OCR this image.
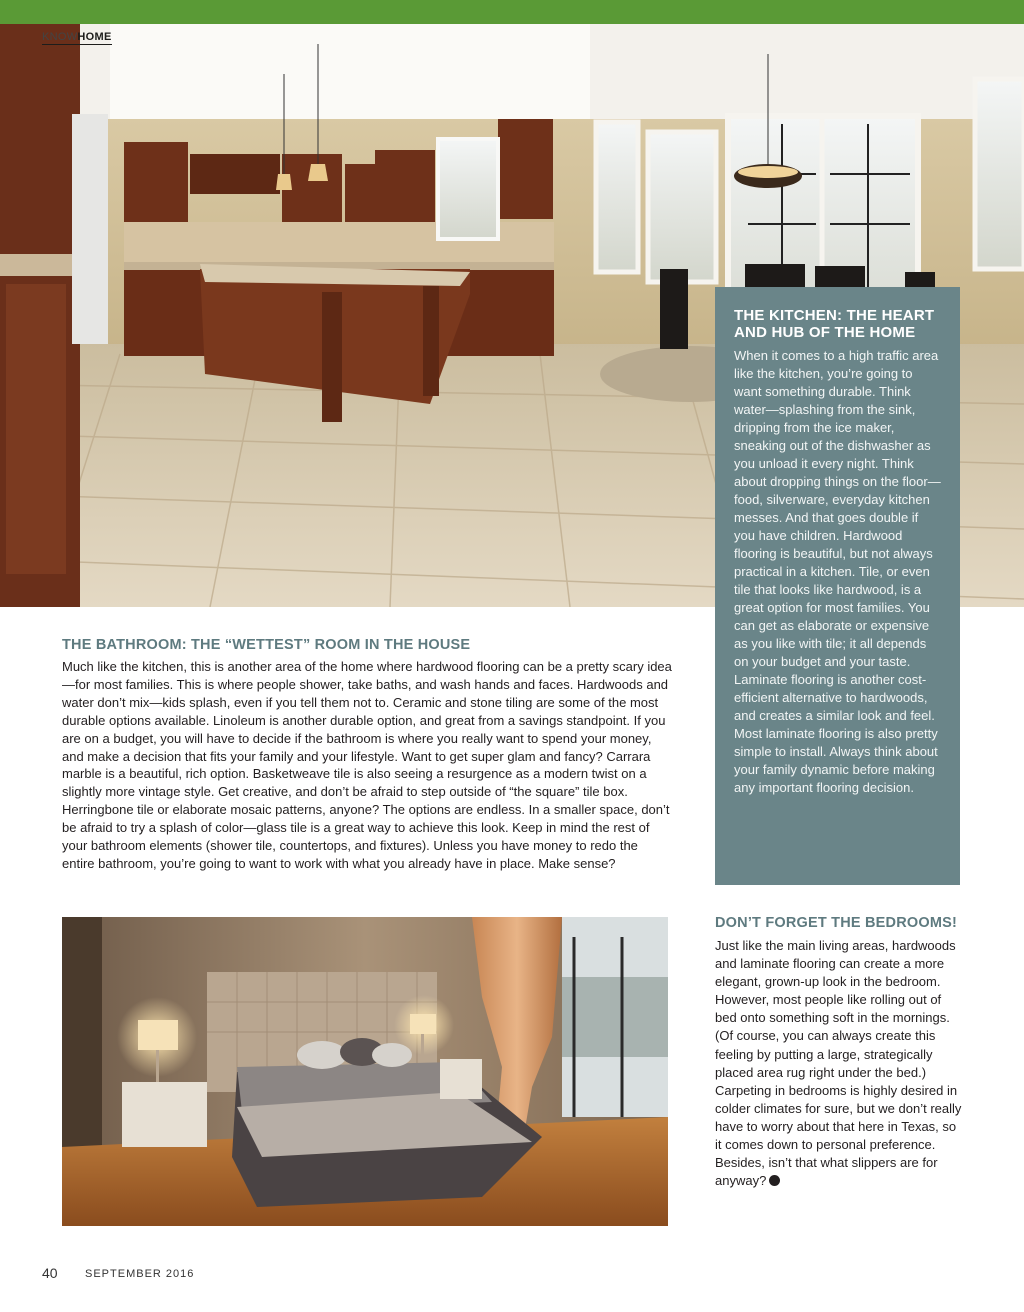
KNOWHOME
THE KITCHEN: THE HEART AND HUB OF THE HOME

When it comes to a high traffic area like the kitchen, you’re going to want something durable. Think water—splashing from the sink, dripping from the ice maker, sneaking out of the dishwasher as you unload it every night. Think about dropping things on the floor—food, silverware, everyday kitchen messes. And that goes double if you have children. Hardwood flooring is beautiful, but not always practical in a kitchen. Tile, or even tile that looks like hardwood, is a great option for most families. You can get as elaborate or expensive as you like with tile; it all depends on your budget and your taste. Laminate flooring is another cost-efficient alternative to hardwoods, and creates a similar look and feel. Most laminate flooring is also pretty simple to install. Always think about your family dynamic before making any important flooring decision.

THE BATHROOM: THE “WETTEST” ROOM IN THE HOUSE

Much like the kitchen, this is another area of the home where hardwood flooring can be a pretty scary idea—for most families. This is where people shower, take baths, and wash hands and faces. Hardwoods and water don’t mix—kids splash, even if you tell them not to. Ceramic and stone tiling are some of the most durable options available. Linoleum is another durable option, and great from a savings standpoint. If you are on a budget, you will have to decide if the bathroom is where you really want to spend your money, and make a decision that fits your family and your lifestyle. Want to get super glam and fancy? Carrara marble is a beautiful, rich option. Basketweave tile is also seeing a resurgence as a modern twist on a slightly more vintage style. Get creative, and don’t be afraid to step outside of “the square” tile box. Herringbone tile or elaborate mosaic patterns, anyone? The options are endless. In a smaller space, don’t be afraid to try a splash of color—glass tile is a great way to achieve this look. Keep in mind the rest of your bathroom elements (shower tile, countertops, and fixtures). Unless you have money to redo the entire bathroom, you’re going to want to work with what you already have in place. Make sense?

DON’T FORGET THE BEDROOMS!

Just like the main living areas, hardwoods and laminate flooring can create a more elegant, grown-up look in the bedroom. However, most people like rolling out of bed onto something soft in the mornings. (Of course, you can always create this feeling by putting a large, strategically placed area rug right under the bed.) Carpeting in bedrooms is highly desired in colder climates for sure, but we don’t really have to worry about that here in Texas, so it comes down to personal preference. Besides, isn’t that what slippers are for anyway?

40 SEPTEMBER 2016
